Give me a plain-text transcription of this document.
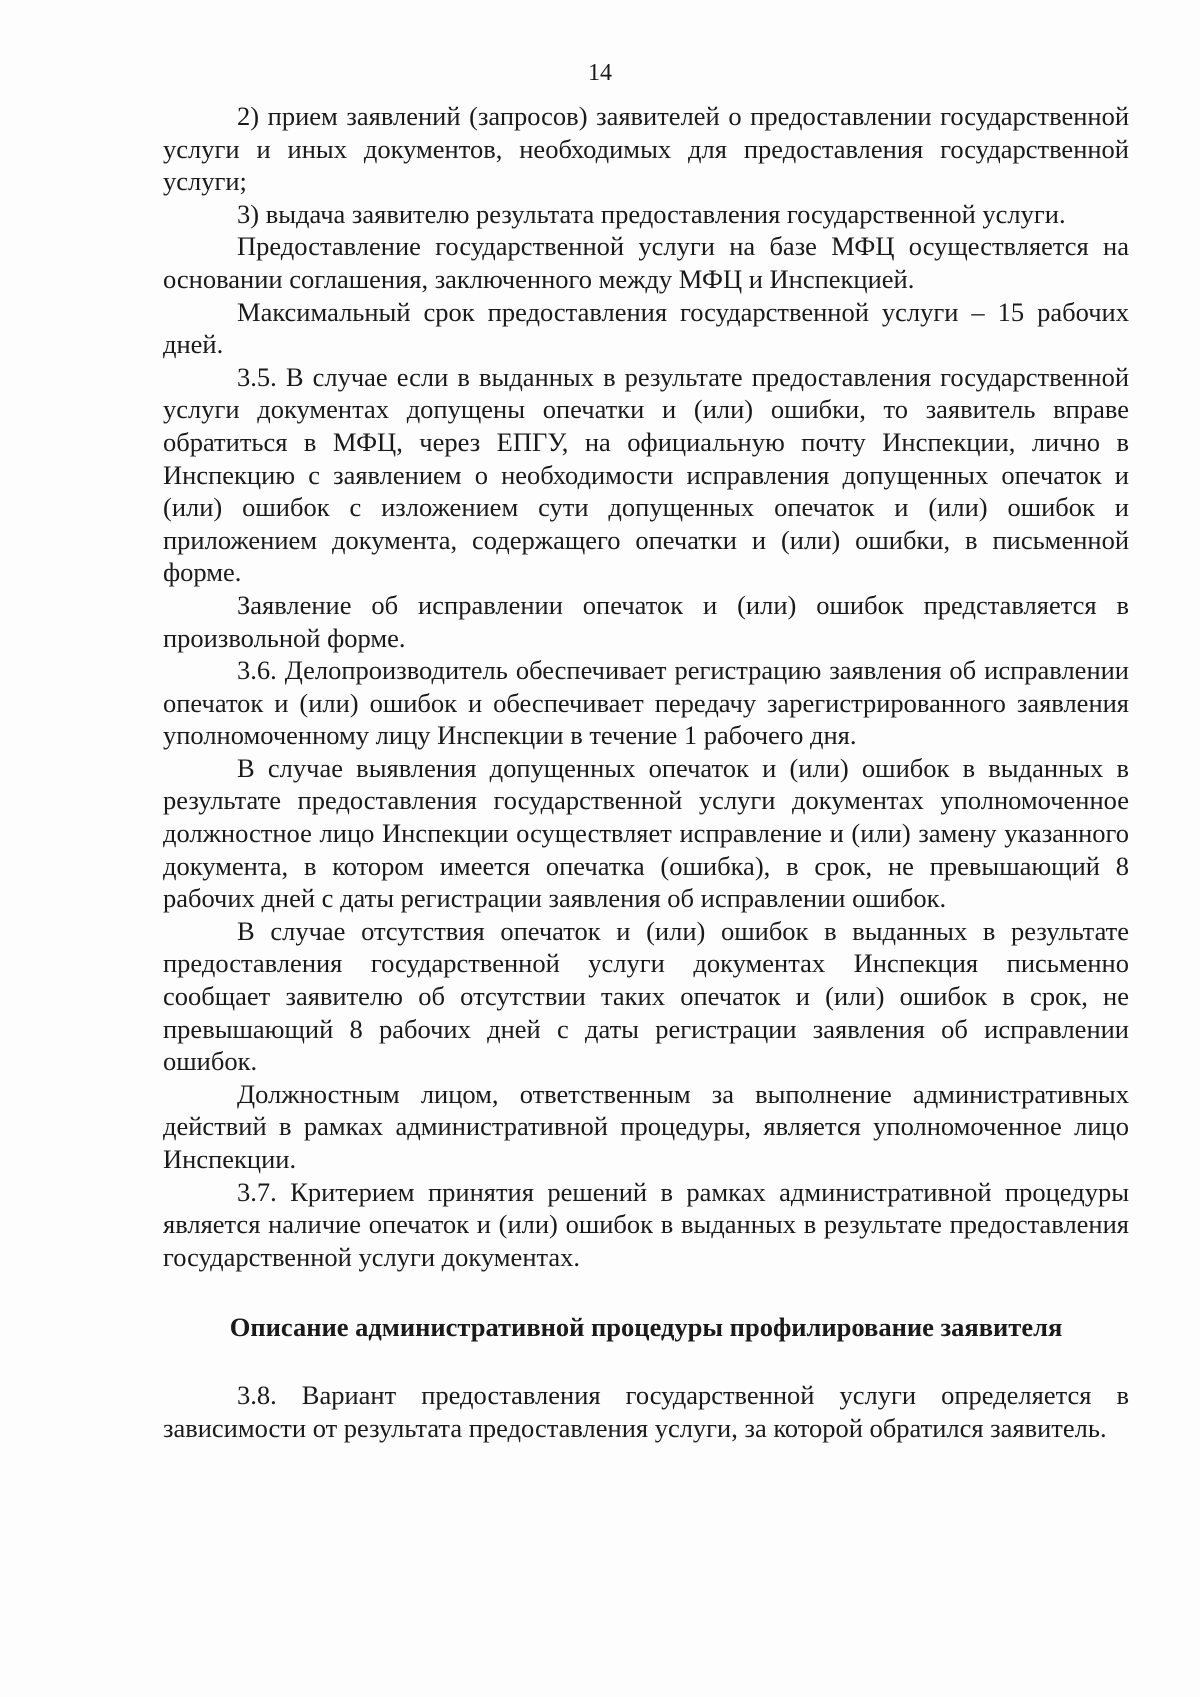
14

2) прием заявлений (запросов) заявителей о предоставлении государственной услуги и иных документов, необходимых для предоставления государственной услуги;

3) выдача заявителю результата предоставления государственной услуги.

Предоставление государственной услуги на базе МФЦ осуществляется на основании соглашения, заключенного между МФЦ и Инспекцией.

Максимальный срок предоставления государственной услуги – 15 рабочих дней.

3.5. В случае если в выданных в результате предоставления государственной услуги документах допущены опечатки и (или) ошибки, то заявитель вправе обратиться в МФЦ, через ЕПГУ, на официальную почту Инспекции, лично в Инспекцию с заявлением о необходимости исправления допущенных опечаток и (или) ошибок с изложением сути допущенных опечаток и (или) ошибок и приложением документа, содержащего опечатки и (или) ошибки, в письменной форме.

Заявление об исправлении опечаток и (или) ошибок представляется в произвольной форме.

3.6. Делопроизводитель обеспечивает регистрацию заявления об исправлении опечаток и (или) ошибок и обеспечивает передачу зарегистрированного заявления уполномоченному лицу Инспекции в течение 1 рабочего дня.

В случае выявления допущенных опечаток и (или) ошибок в выданных в результате предоставления государственной услуги документах уполномоченное должностное лицо Инспекции осуществляет исправление и (или) замену указанного документа, в котором имеется опечатка (ошибка), в срок, не превышающий 8 рабочих дней с даты регистрации заявления об исправлении ошибок.

В случае отсутствия опечаток и (или) ошибок в выданных в результате предоставления государственной услуги документах Инспекция письменно сообщает заявителю об отсутствии таких опечаток и (или) ошибок в срок, не превышающий 8 рабочих дней с даты регистрации заявления об исправлении ошибок.

Должностным лицом, ответственным за выполнение административных действий в рамках административной процедуры, является уполномоченное лицо Инспекции.

3.7. Критерием принятия решений в рамках административной процедуры является наличие опечаток и (или) ошибок в выданных в результате предоставления государственной услуги документах.

Описание административной процедуры профилирование заявителя

3.8. Вариант предоставления государственной услуги определяется в зависимости от результата предоставления услуги, за которой обратился заявитель.
